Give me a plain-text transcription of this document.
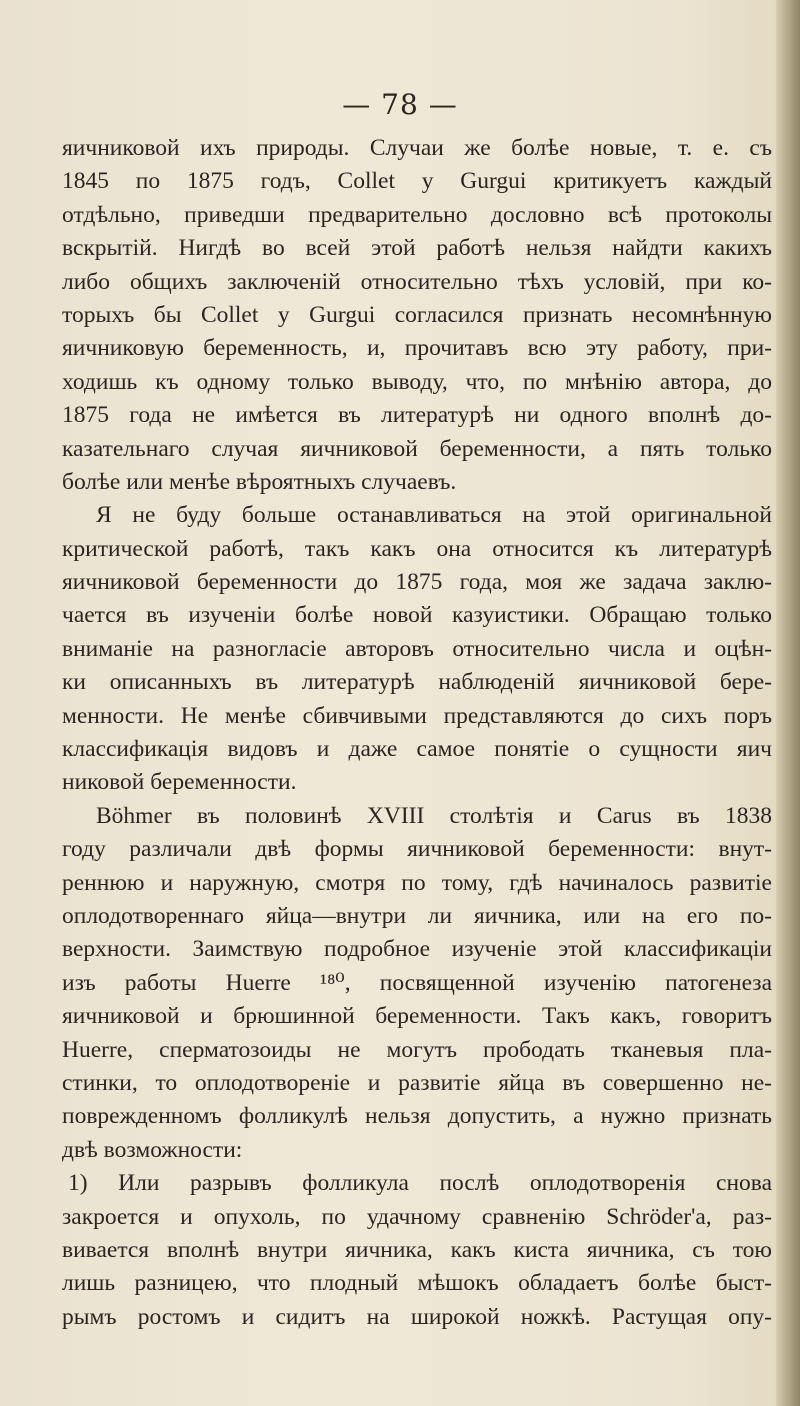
— 78 —
яичниковой ихъ природы. Случаи же болѣе новые, т. е. съ
1845 по 1875 годъ, Collet у Gurgui критикуетъ каждый
отдѣльно, приведши предварительно дословно всѣ протоколы
вскрытій. Нигдѣ во всей этой работѣ нельзя найдти какихъ
либо общихъ заключеній относительно тѣхъ условій, при ко-
торыхъ бы Collet у Gurgui согласился признать несомнѣнную
яичниковую беременность, и, прочитавъ всю эту работу, при-
ходишь къ одному только выводу, что, по мнѣнію автора, до
1875 года не имѣется въ литературѣ ни одного вполнѣ до-
казательнаго случая яичниковой беременности, а пять только
болѣе или менѣе вѣроятныхъ случаевъ.
Я не буду больше останавливаться на этой оригинальной
критической работѣ, такъ какъ она относится къ литературѣ
яичниковой беременности до 1875 года, моя же задача заклю-
чается въ изученіи болѣе новой казуистики. Обращаю только
вниманіе на разногласіе авторовъ относительно числа и оцѣн-
ки описанныхъ въ литературѣ наблюденій яичниковой бере-
менности. Не менѣе сбивчивыми представляются до сихъ поръ
классификація видовъ и даже самое понятіе о сущности яич
никовой беременности.
Böhmer въ половинѣ XVIII столѣтія и Carus въ 1838
году различали двѣ формы яичниковой беременности: внут-
реннюю и наружную, смотря по тому, гдѣ начиналось развитіе
оплодотвореннаго яйца—внутри ли яичника, или на его по-
верхности. Заимствую подробное изученіе этой классификаціи
изъ работы Нuerre ¹⁸⁰, посвященной изученію патогенеза
яичниковой и брюшинной беременности. Такъ какъ, говоритъ
Huerre, сперматозоиды не могутъ прободать тканевыя пла-
стинки, то оплодотвореніе и развитіе яйца въ совершенно не-
поврежденномъ фолликулѣ нельзя допустить, а нужно признать
двѣ возможности:
1) Или разрывъ фолликула послѣ оплодотворенія снова
закроется и опухоль, по удачному сравненію Schröder'а, раз-
вивается вполнѣ внутри яичника, какъ киста яичника, съ тою
лишь разницею, что плодный мѣшокъ обладаетъ болѣе быст-
рымъ ростомъ и сидитъ на широкой ножкѣ. Растущая опу-
